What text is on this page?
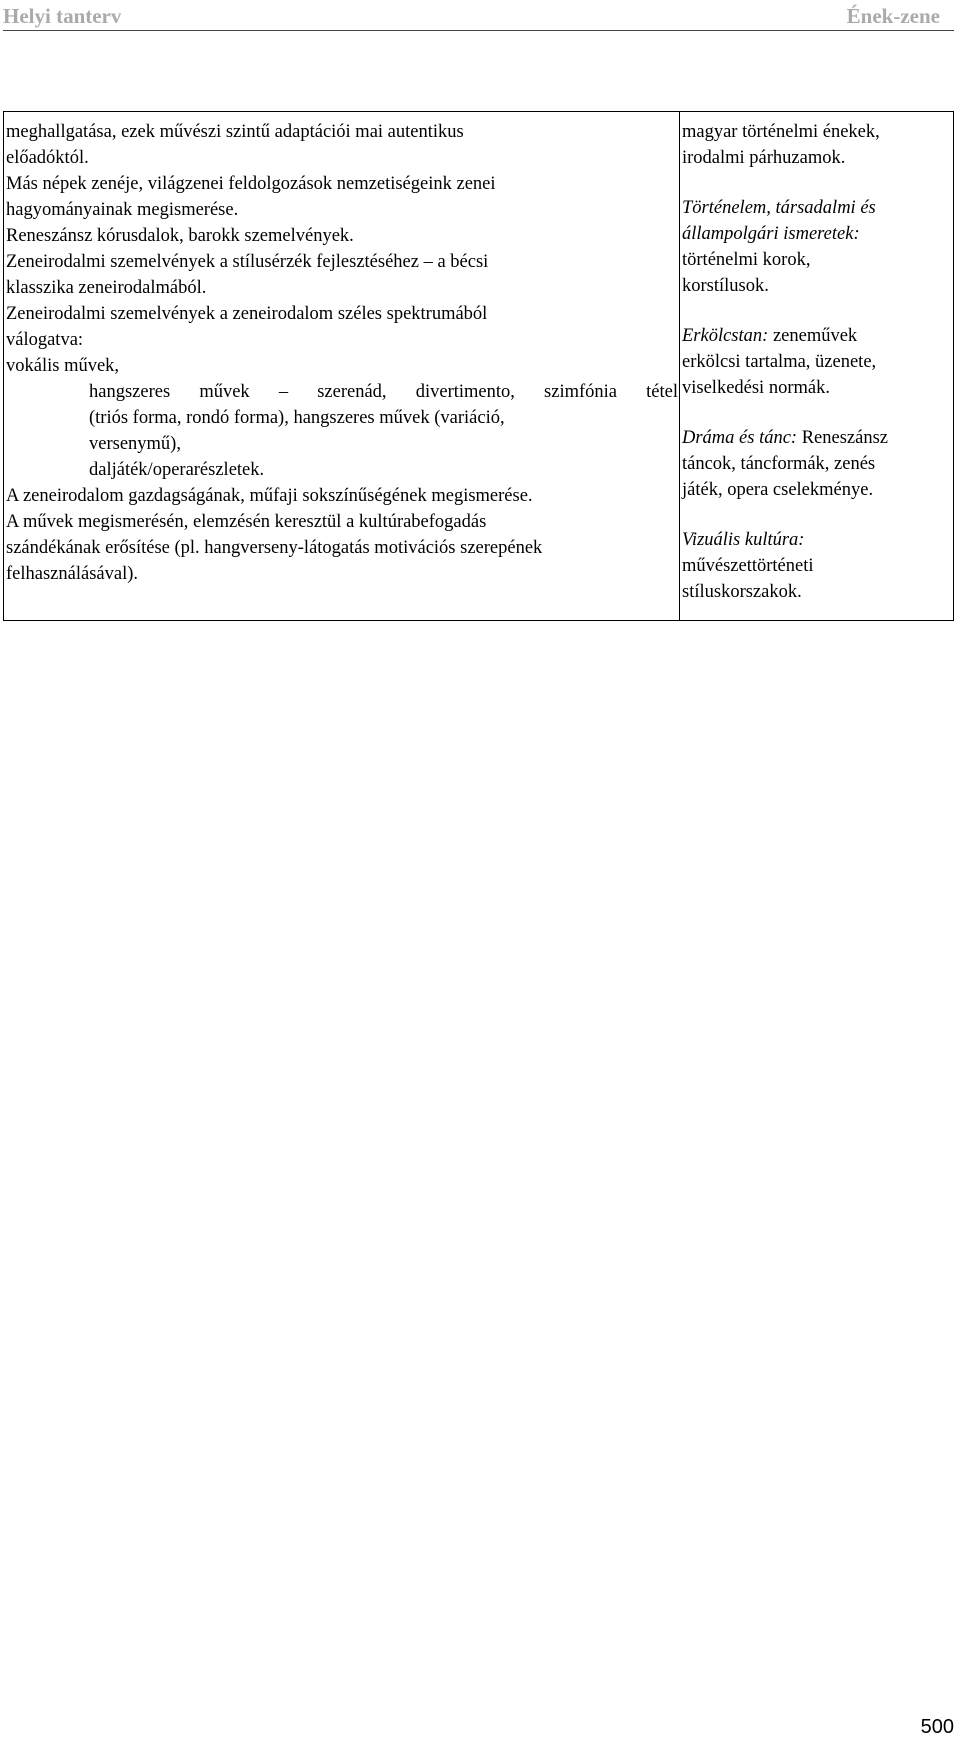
Helyi tanterv	Ének-zene
meghallgatása, ezek művészi szintű adaptációi mai autentikus
előadóktól.
Más népek zenéje, világzenei feldolgozások nemzetiségeink zenei
hagyományainak megismerése.
Reneszánsz kórusdalok, barokk szemelvények.
Zeneirodalmi szemelvények a stílusérzék fejlesztéséhez – a bécsi
klasszika zeneirodalmából.
Zeneirodalmi szemelvények a zeneirodalom széles spektrumából
válogatva:
vokális művek,
hangszeres művek – szerenád, divertimento, szimfónia tétel
(triós forma, rondó forma), hangszeres művek (variáció,
versenymű),
daljáték/operarészletek.
A zeneirodalom gazdagságának, műfaji sokszínűségének megismerése.
A művek megismerésén, elemzésén keresztül a kultúrabefogadás
szándékának erősítése (pl. hangverseny-látogatás motivációs szerepének
felhasználásával).
magyar történelmi énekek,
irodalmi párhuzamok.
Történelem, társadalmi és
állampolgári ismeretek:
történelmi korok,
korstílusok.
Erkölcstan: zeneművek
erkölcsi tartalma, üzenete,
viselkedési normák.
Dráma és tánc: Reneszánsz
táncok, táncformák, zenés
játék, opera cselekménye.
Vizuális kultúra:
művészettörténeti
stíluskorszakok.
500
